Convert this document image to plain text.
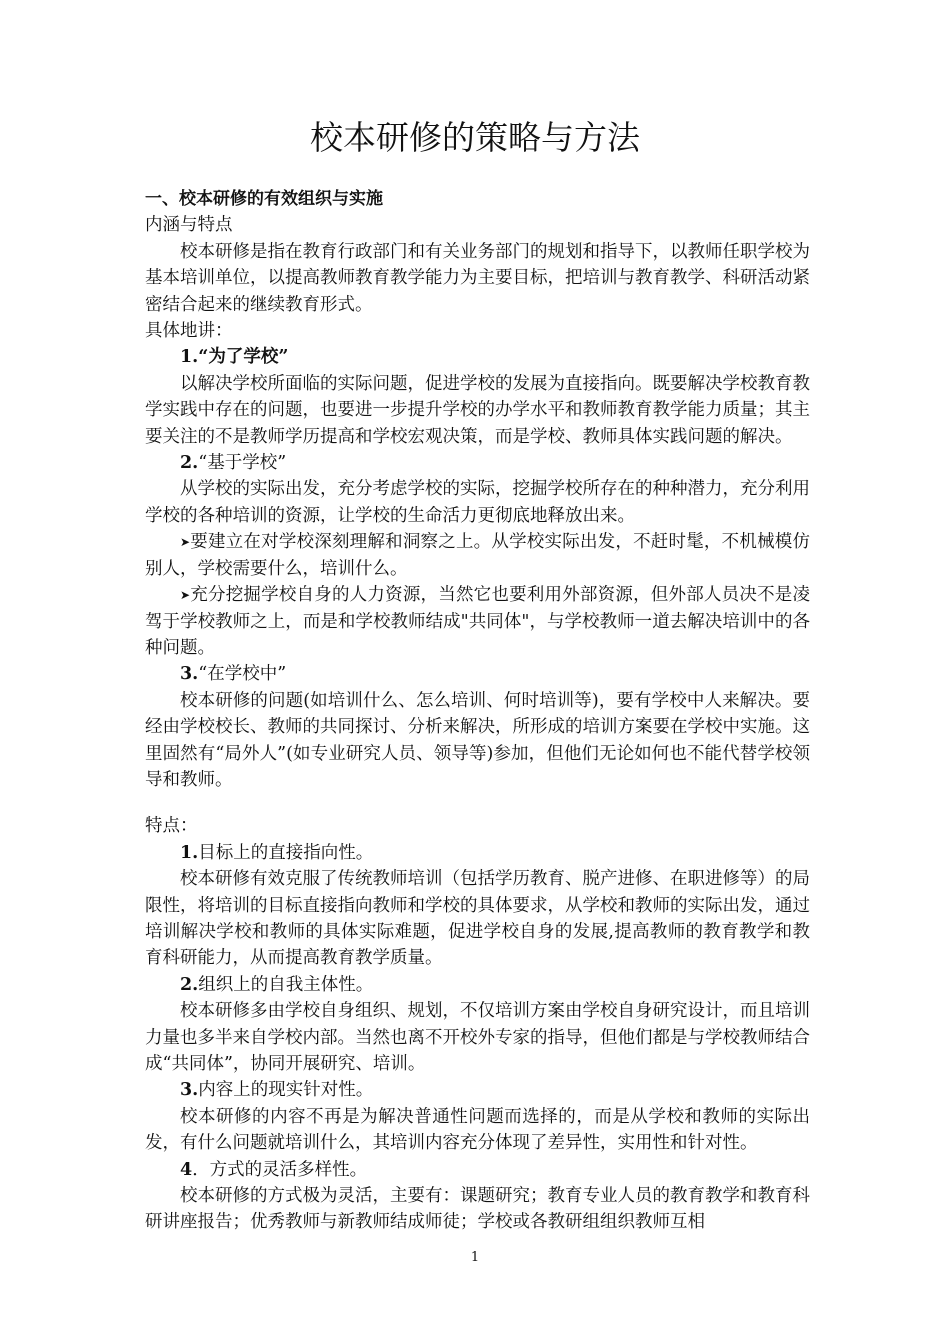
校本研修的策略与方法

一、校本研修的有效组织与实施

内涵与特点

校本研修是指在教育行政部门和有关业务部门的规划和指导下，以教师任职学校为基本培训单位，以提高教师教育教学能力为主要目标，把培训与教育教学、科研活动紧密结合起来的继续教育形式。

具体地讲：

1.“为了学校”

以解决学校所面临的实际问题，促进学校的发展为直接指向。既要解决学校教育教学实践中存在的问题，也要进一步提升学校的办学水平和教师教育教学能力质量；其主要关注的不是教师学历提高和学校宏观决策，而是学校、教师具体实践问题的解决。

2.“基于学校”

从学校的实际出发，充分考虑学校的实际，挖掘学校所存在的种种潜力，充分利用学校的各种培训的资源，让学校的生命活力更彻底地释放出来。

➤要建立在对学校深刻理解和洞察之上。从学校实际出发，不赶时髦，不机械模仿别人，学校需要什么，培训什么。

➤充分挖掘学校自身的人力资源，当然它也要利用外部资源，但外部人员决不是凌驾于学校教师之上，而是和学校教师结成"共同体"，与学校教师一道去解决培训中的各种问题。

3.“在学校中”

校本研修的问题(如培训什么、怎么培训、何时培训等)，要有学校中人来解决。要经由学校校长、教师的共同探讨、分析来解决，所形成的培训方案要在学校中实施。这里固然有“局外人”(如专业研究人员、领导等)参加，但他们无论如何也不能代替学校领导和教师。

特点：

1.目标上的直接指向性。

校本研修有效克服了传统教师培训（包括学历教育、脱产进修、在职进修等）的局限性，将培训的目标直接指向教师和学校的具体要求，从学校和教师的实际出发，通过培训解决学校和教师的具体实际难题，促进学校自身的发展,提高教师的教育教学和教育科研能力，从而提高教育教学质量。

2.组织上的自我主体性。

校本研修多由学校自身组织、规划，不仅培训方案由学校自身研究设计，而且培训力量也多半来自学校内部。当然也离不开校外专家的指导，但他们都是与学校教师结合成“共同体”，协同开展研究、培训。

3.内容上的现实针对性。

校本研修的内容不再是为解决普通性问题而选择的，而是从学校和教师的实际出发，有什么问题就培训什么，其培训内容充分体现了差异性，实用性和针对性。

4．方式的灵活多样性。

校本研修的方式极为灵活，主要有：课题研究；教育专业人员的教育教学和教育科研讲座报告；优秀教师与新教师结成师徒；学校或各教研组组织教师互相

1
